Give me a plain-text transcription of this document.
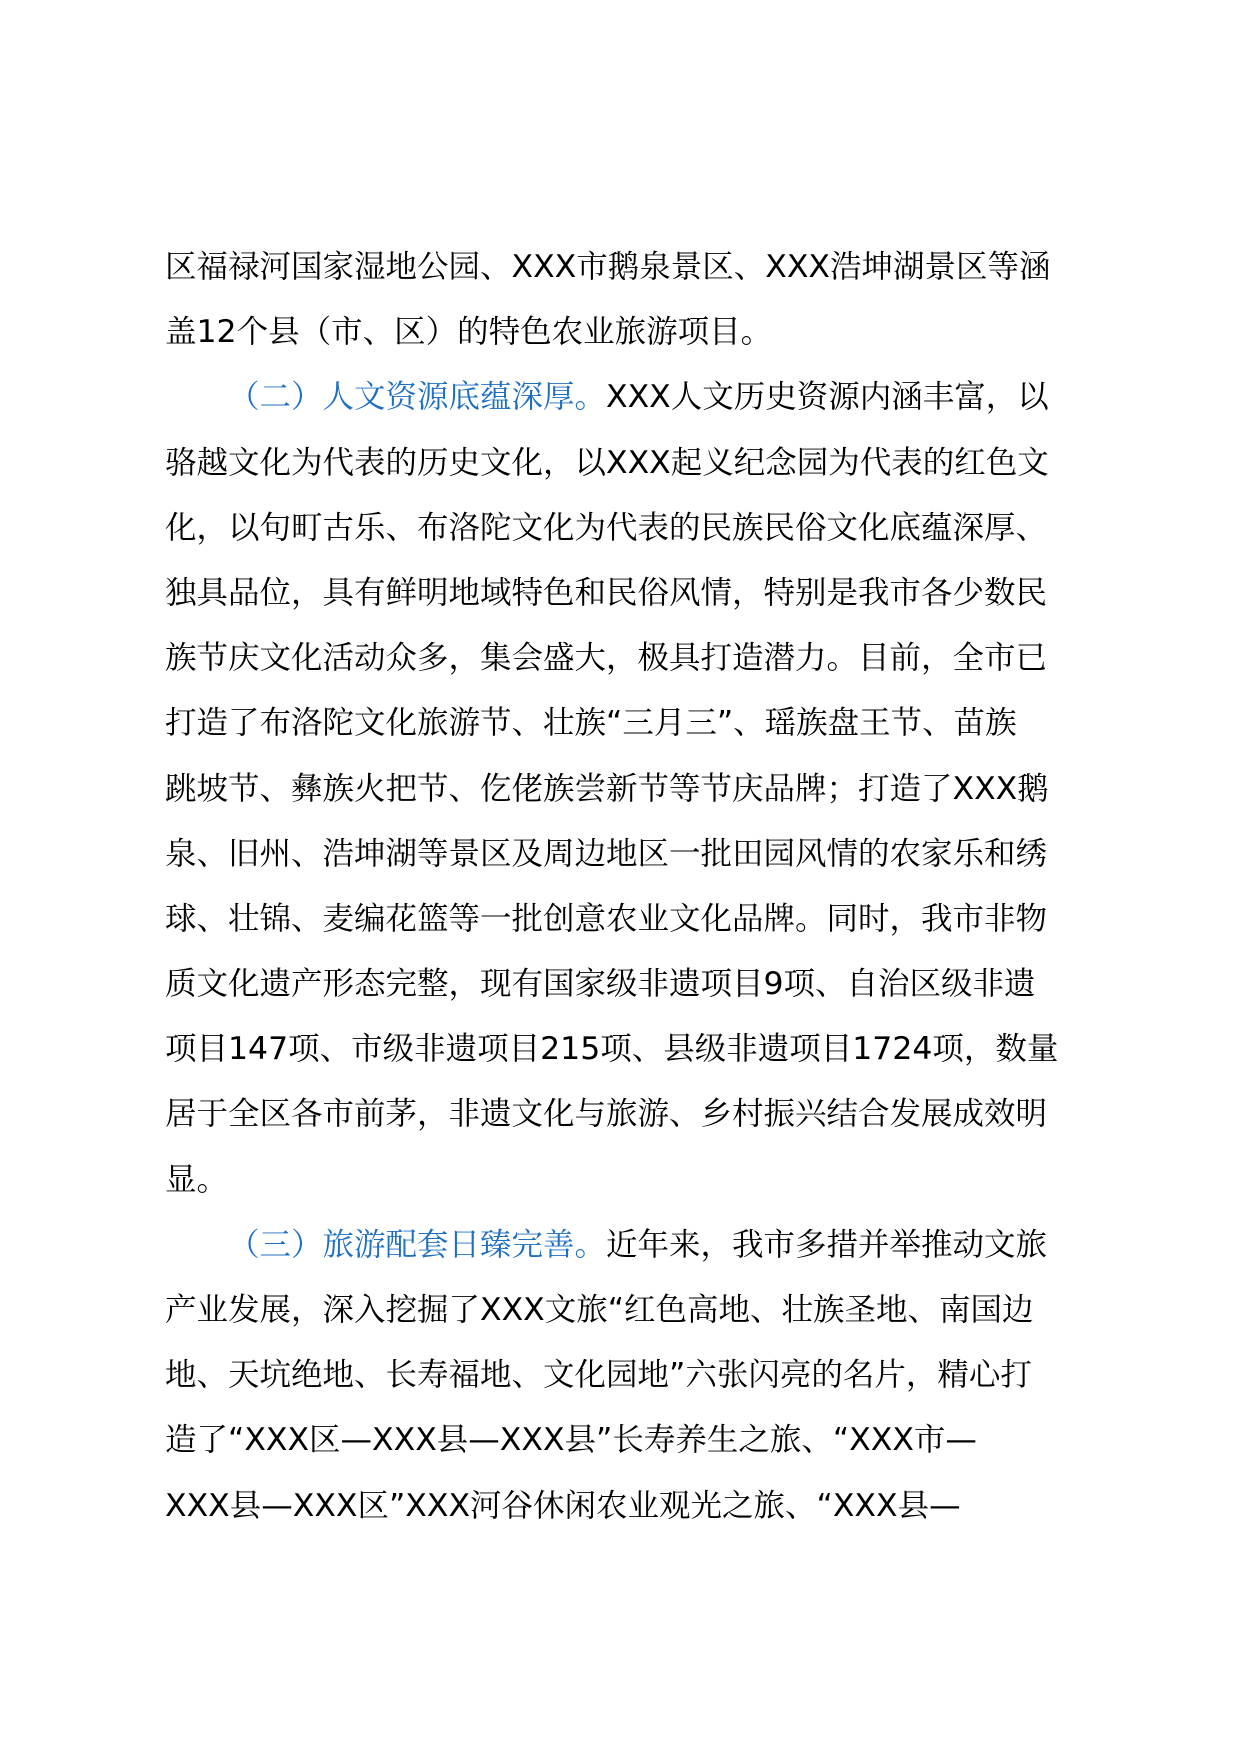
区福禄河国家湿地公园、XXX市鹅泉景区、XXX浩坤湖景区等涵
盖12个县（市、区）的特色农业旅游项目。
（二）人文资源底蕴深厚。XXX人文历史资源内涵丰富，以
骆越文化为代表的历史文化，以XXX起义纪念园为代表的红色文
化，以句町古乐、布洛陀文化为代表的民族民俗文化底蕴深厚、
独具品位，具有鲜明地域特色和民俗风情，特别是我市各少数民
族节庆文化活动众多，集会盛大，极具打造潜力。目前，全市已
打造了布洛陀文化旅游节、壮族“三月三”、瑶族盘王节、苗族
跳坡节、彝族火把节、仡佬族尝新节等节庆品牌；打造了XXX鹅
泉、旧州、浩坤湖等景区及周边地区一批田园风情的农家乐和绣
球、壮锦、麦编花篮等一批创意农业文化品牌。同时，我市非物
质文化遗产形态完整，现有国家级非遗项目9项、自治区级非遗
项目147项、市级非遗项目215项、县级非遗项目1724项，数量
居于全区各市前茅，非遗文化与旅游、乡村振兴结合发展成效明
显。
（三）旅游配套日臻完善。近年来，我市多措并举推动文旅
产业发展，深入挖掘了XXX文旅“红色高地、壮族圣地、南国边
地、天坑绝地、长寿福地、文化园地”六张闪亮的名片，精心打
造了“XXX区—XXX县—XXX县”长寿养生之旅、“XXX市—
XXX县—XXX区”XXX河谷休闲农业观光之旅、“XXX县—
